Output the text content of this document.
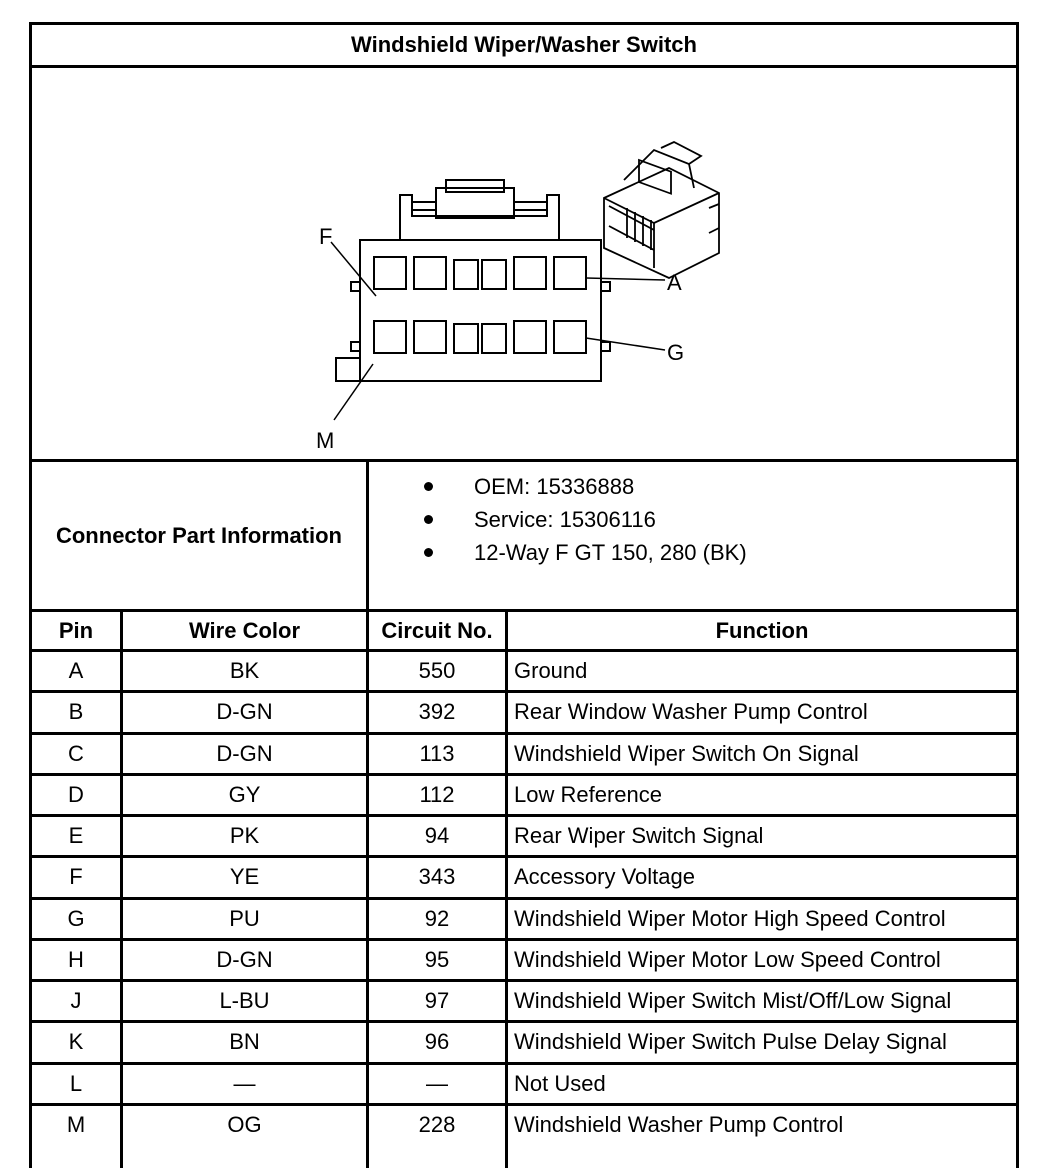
Windshield Wiper/Washer Switch
F
A
G
M
Connector Part Information
OEM: 15336888
Service: 15306116
12-Way F GT 150, 280 (BK)
Pin	Wire Color	Circuit No.	Function
A	BK	550	Ground
B	D-GN	392	Rear Window Washer Pump Control
C	D-GN	113	Windshield Wiper Switch On Signal
D	GY	112	Low Reference
E	PK	94	Rear Wiper Switch Signal
F	YE	343	Accessory Voltage
G	PU	92	Windshield Wiper Motor High Speed Control
H	D-GN	95	Windshield Wiper Motor Low Speed Control
J	L-BU	97	Windshield Wiper Switch Mist/Off/Low Signal
K	BN	96	Windshield Wiper Switch Pulse Delay Signal
L	—	—	Not Used
M	OG	228	Windshield Washer Pump Control
